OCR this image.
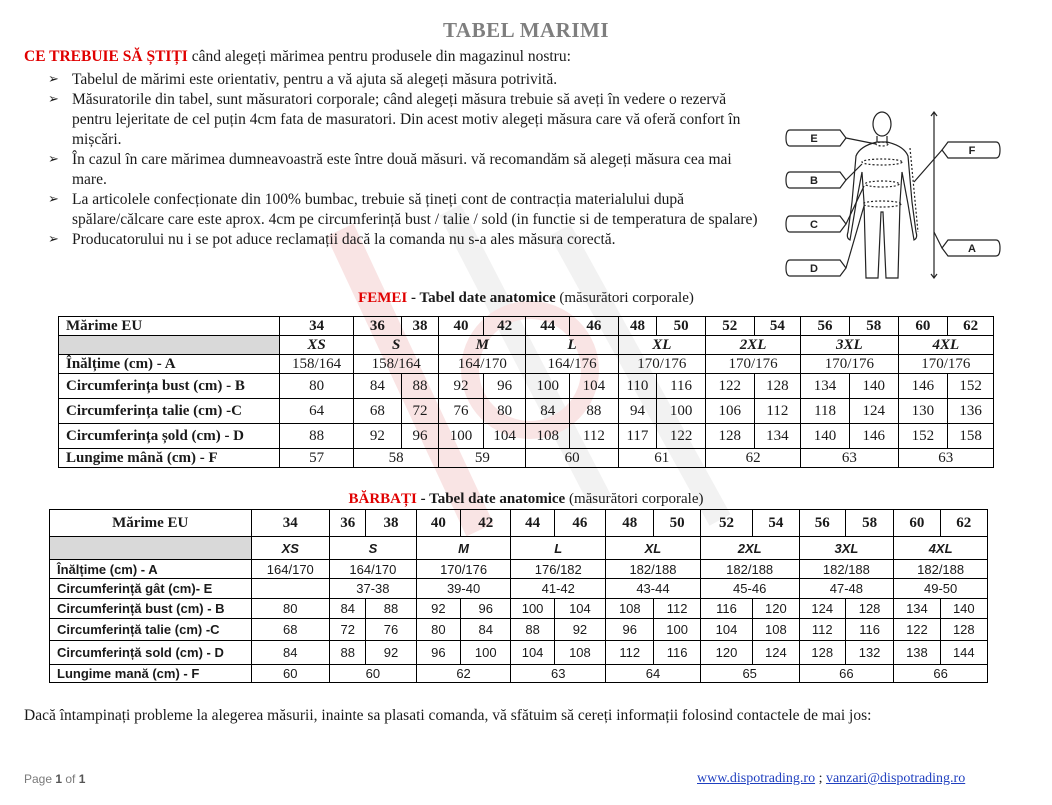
TABEL MARIMI
CE TREBUIE SĂ ȘTIȚI când alegeți mărimea pentru produsele din magazinul nostru:
➢ Tabelul de mărimi este orientativ, pentru a vă ajuta să alegeți măsura potrivită.
➢ Măsuratorile din tabel, sunt măsuratori corporale; când alegeți măsura trebuie să aveți în vedere o rezervă pentru lejeritate de cel puțin 4cm fata de masuratori. Din acest motiv alegeți măsura care vă oferă confort în mișcări.
➢ În cazul în care mărimea dumneavoastră este între două măsuri. vă recomandăm să alegeți măsura cea mai mare.
➢ La articolele confecționate din 100% bumbac, trebuie să țineți cont de contracția materialului după spălare/călcare care este aprox. 4cm pe circumferință bust / talie / sold (in functie si de temperatura de spalare)
➢ Producatorului nu i se pot aduce reclamații dacă la comanda nu s-a ales măsura corectă.
E
B
C
D
F
A
FEMEI - Tabel date anatomice (măsurători corporale)
Mărime EU	34	36	38	40	42	44	46	48	50	52	54	56	58	60	62
	XS	S		M		L		XL		2XL		3XL		4XL	
Înălțime (cm) - A	158/164	158/164		164/170		164/176		170/176		170/176		170/176		170/176	
Circumferința bust (cm) - B	80	84	88	92	96	100	104	110	116	122	128	134	140	146	152
Circumferința talie (cm) -C	64	68	72	76	80	84	88	94	100	106	112	118	124	130	136
Circumferința șold (cm) - D	88	92	96	100	104	108	112	117	122	128	134	140	146	152	158
Lungime mână (cm) - F	57	58		59		60		61		62		63		63	
BĂRBAȚI - Tabel date anatomice (măsurători corporale)
Mărime EU	34	36	38	40	42	44	46	48	50	52	54	56	58	60	62
	XS	S		M		L		XL		2XL		3XL		4XL	
Înălțime (cm) - A	164/170	164/170		170/176		176/182		182/188		182/188		182/188		182/188	
Circumferință gât (cm)- E		37-38		39-40		41-42		43-44		45-46		47-48		49-50	
Circumferință bust (cm) - B	80	84	88	92	96	100	104	108	112	116	120	124	128	134	140
Circumferință talie (cm) -C	68	72	76	80	84	88	92	96	100	104	108	112	116	122	128
Circumferință sold (cm) - D	84	88	92	96	100	104	108	112	116	120	124	128	132	138	144
Lungime mană (cm) - F	60	60		62		63		64		65		66		66	
Dacă întampinați probleme la alegerea măsurii, inainte sa plasati comanda, vă sfătuim să cereți informații folosind contactele de mai jos:
Page 1 of 1	www.dispotrading.ro ; vanzari@dispotrading.ro
